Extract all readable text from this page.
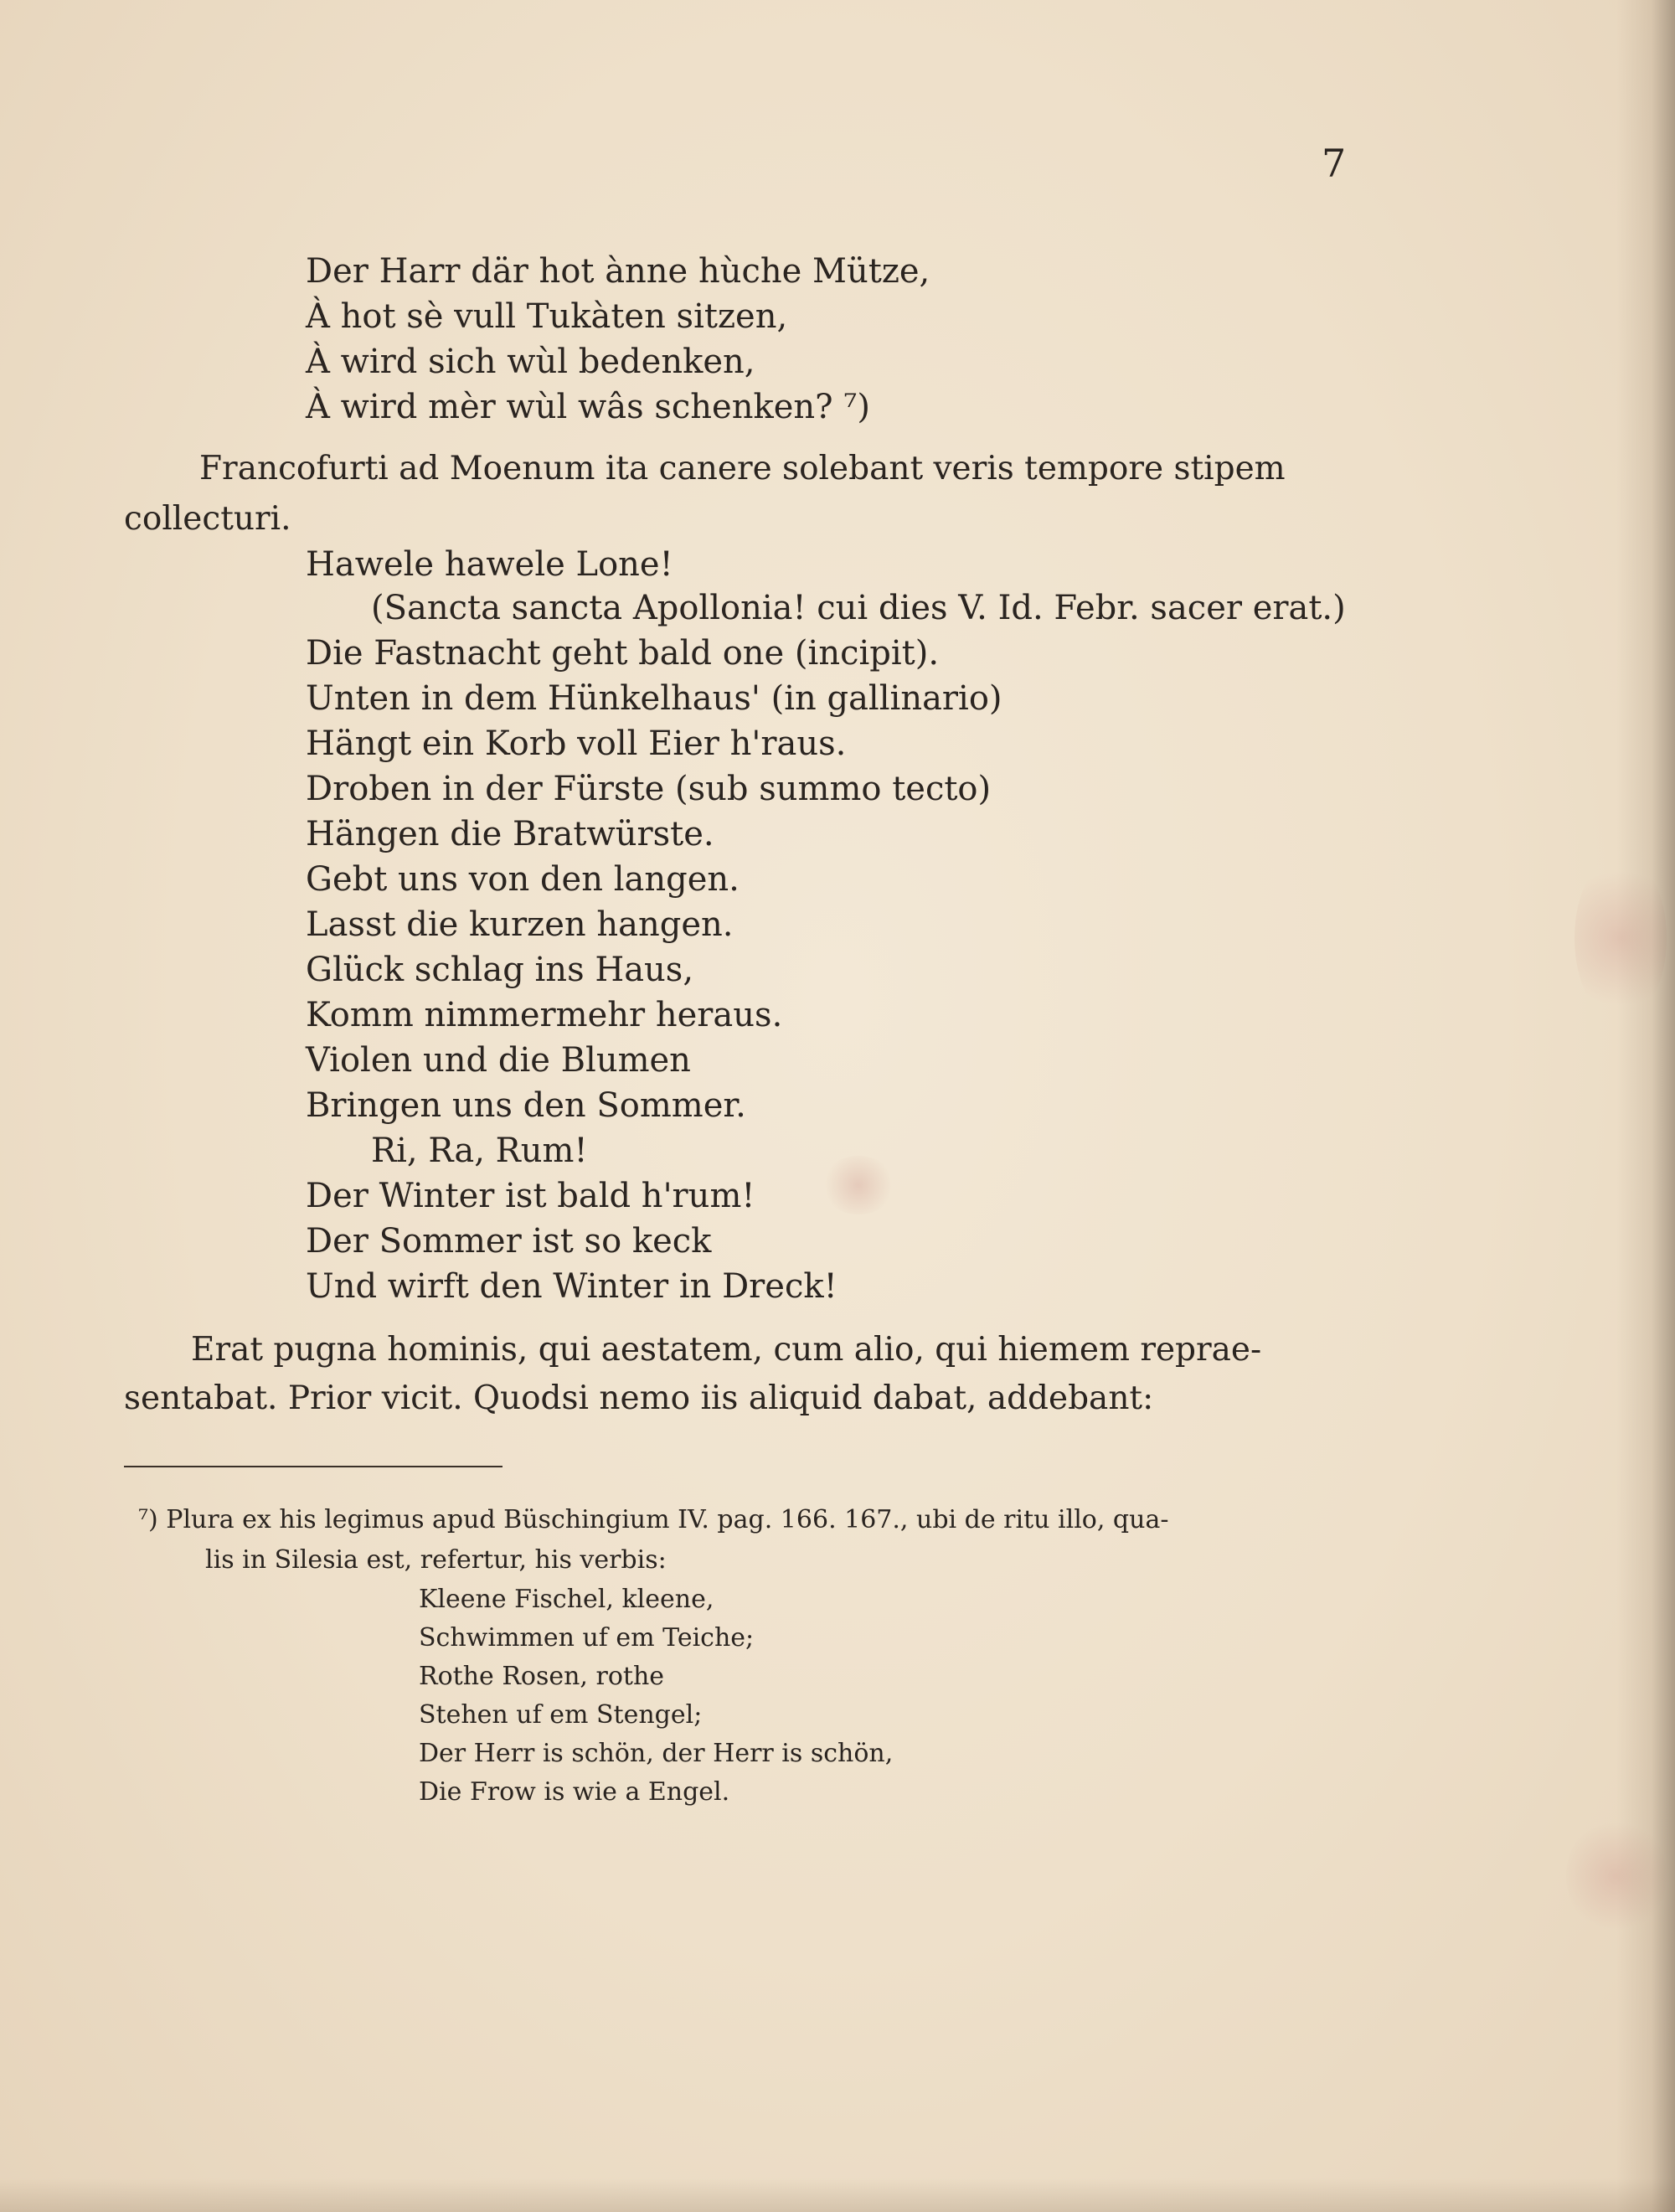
7
Der Harr där hot ànne hùche Mütze,
À hot sè vull Tukàten sitzen,
À wird sich wùl bedenken,
À wird mèr wùl wâs schenken? ⁷)
Francofurti ad Moenum ita canere solebant veris tempore stipem
collecturi.
Hawele hawele Lone!
(Sancta sancta Apollonia! cui dies V. Id. Febr. sacer erat.)
Die Fastnacht geht bald one (incipit).
Unten in dem Hünkelhaus' (in gallinario)
Hängt ein Korb voll Eier h'raus.
Droben in der Fürste (sub summo tecto)
Hängen die Bratwürste.
Gebt uns von den langen.
Lasst die kurzen hangen.
Glück schlag ins Haus,
Komm nimmermehr heraus.
Violen und die Blumen
Bringen uns den Sommer.
Ri, Ra, Rum!
Der Winter ist bald h'rum!
Der Sommer ist so keck
Und wirft den Winter in Dreck!
Erat pugna hominis, qui aestatem, cum alio, qui hiemem reprae-
sentabat. Prior vicit. Quodsi nemo iis aliquid dabat, addebant:
⁷) Plura ex his legimus apud Büschingium IV. pag. 166. 167., ubi de ritu illo, qua-
lis in Silesia est, refertur, his verbis:
Kleene Fischel, kleene,
Schwimmen uf em Teiche;
Rothe Rosen, rothe
Stehen uf em Stengel;
Der Herr is schön, der Herr is schön,
Die Frow is wie a Engel.
